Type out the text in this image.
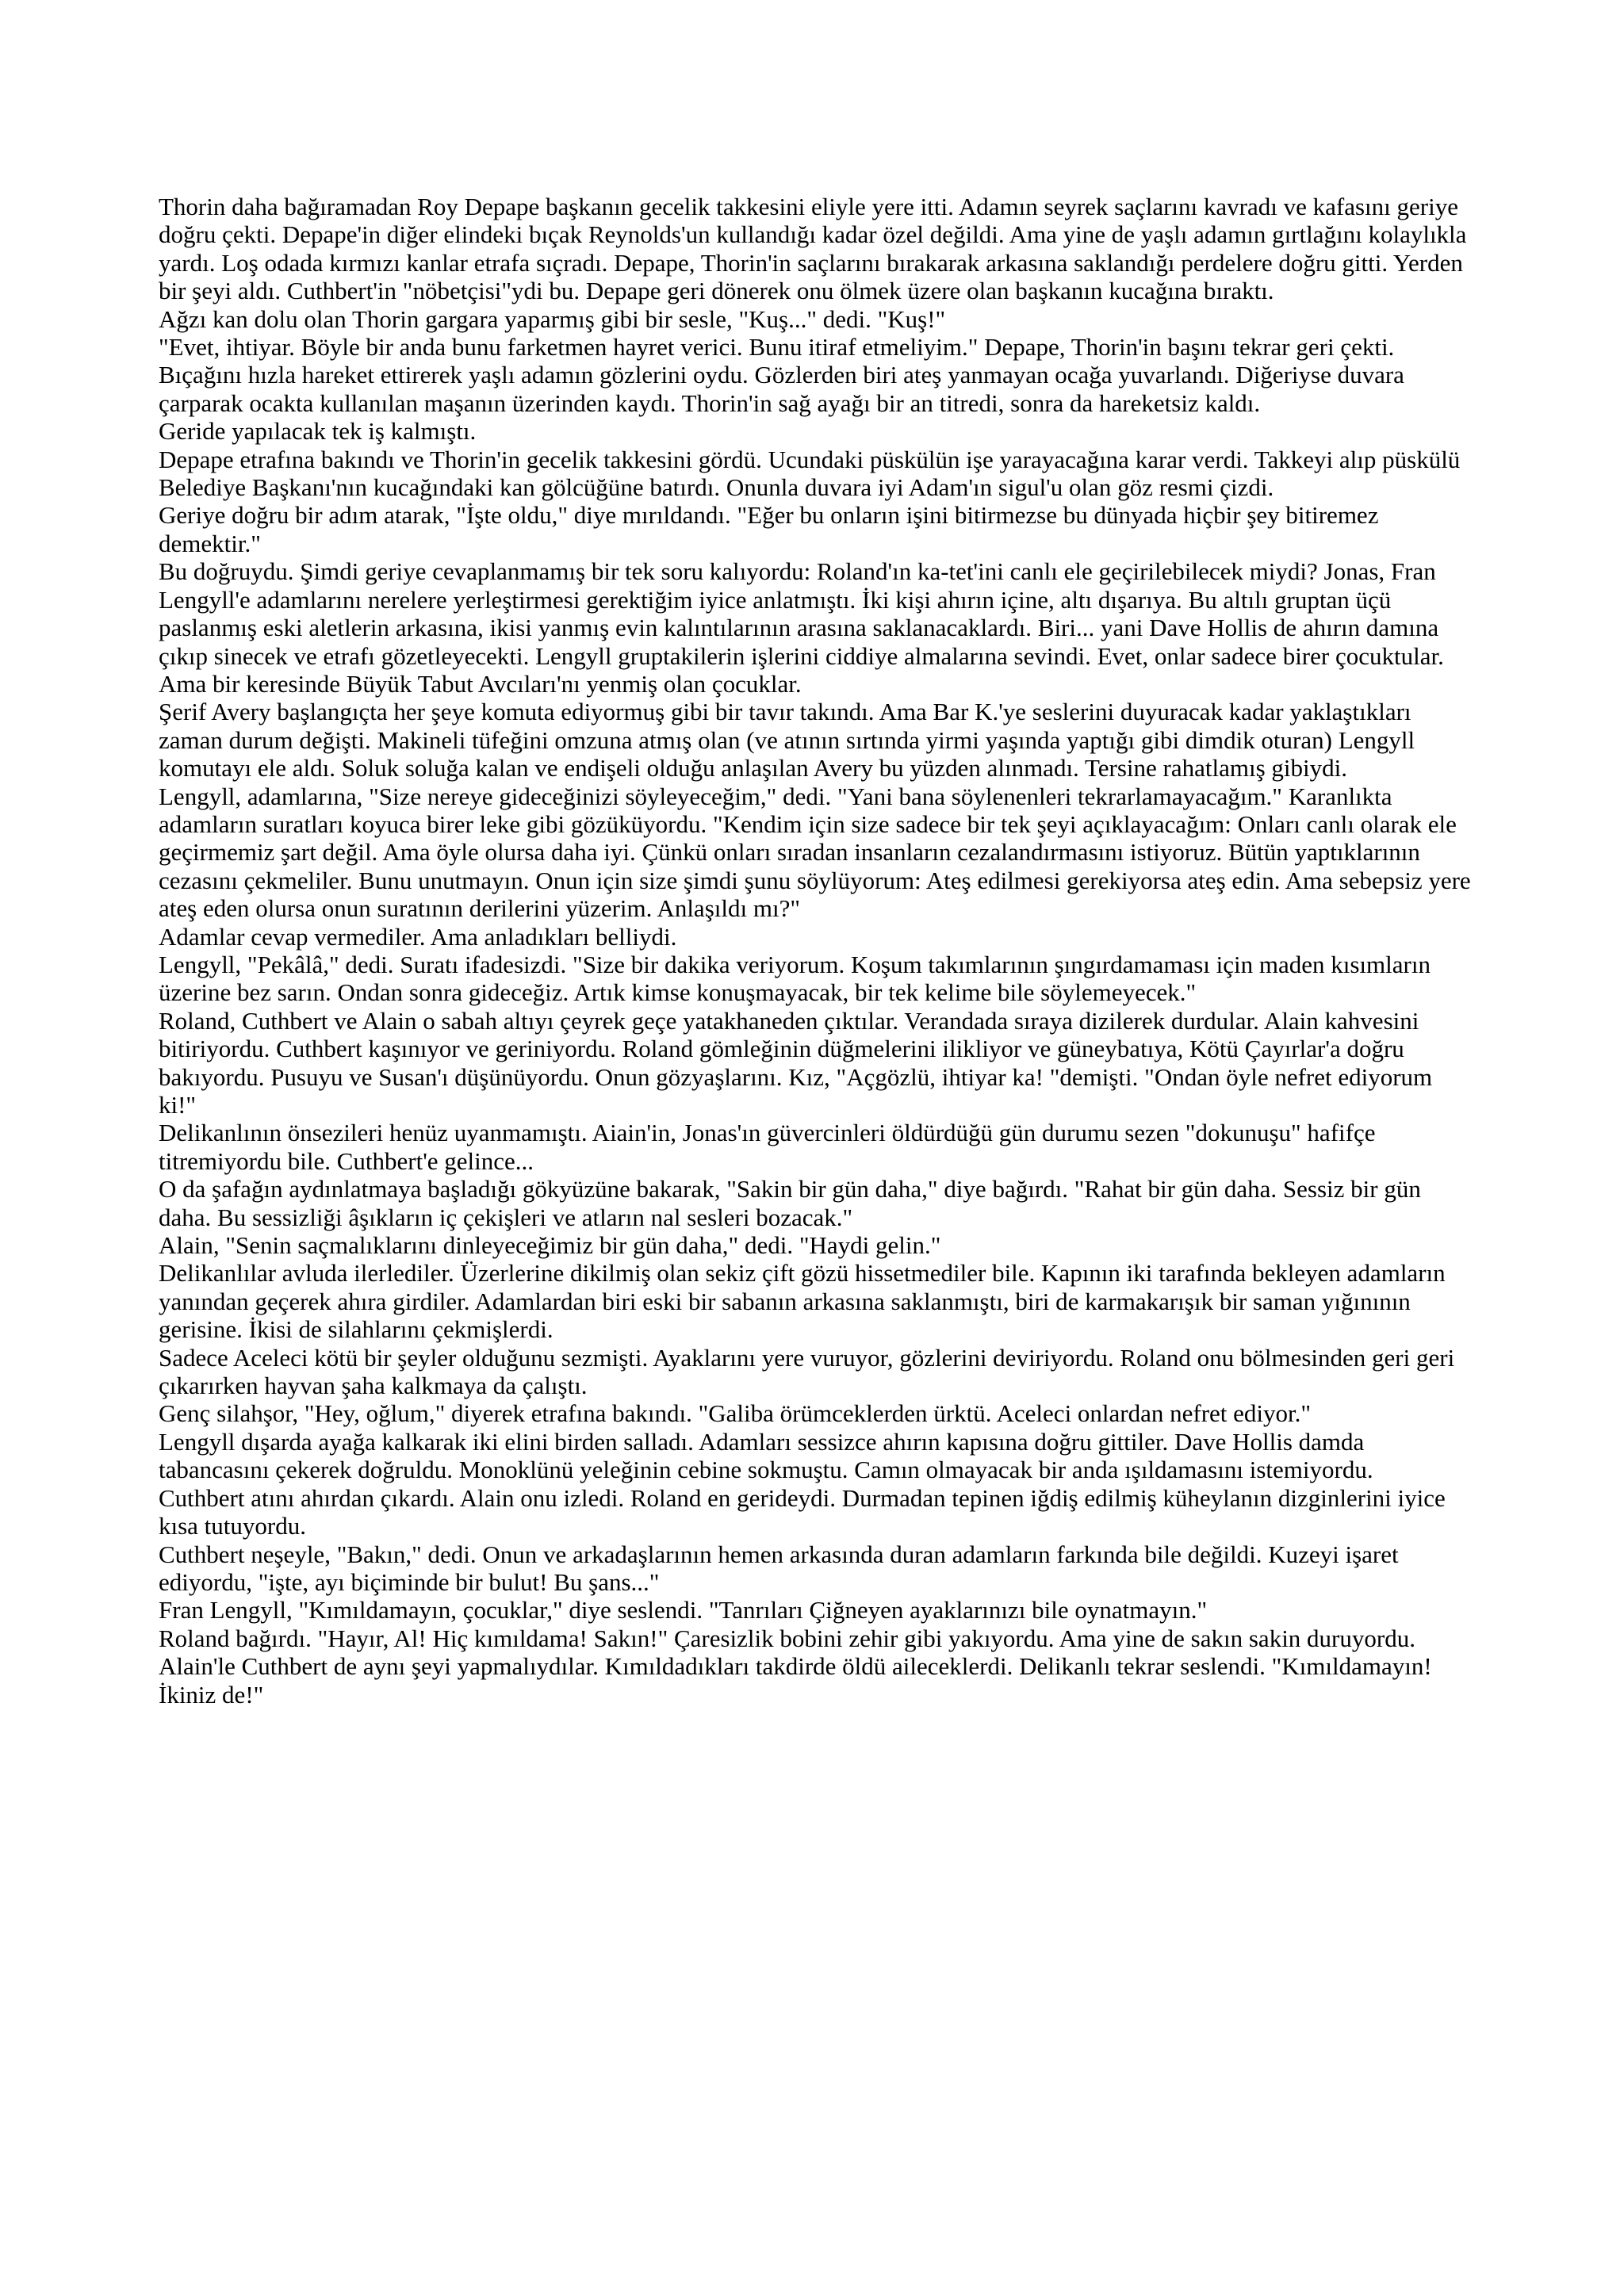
Thorin daha bağıramadan Roy Depape başkanın gecelik takkesini eliyle yere itti. Adamın seyrek saçlarını kavradı ve kafasını geriye doğru çekti. Depape'in diğer elindeki bıçak Reynolds'un kullandığı kadar özel değildi. Ama yine de yaşlı adamın gırtlağını kolaylıkla yardı. Loş odada kırmızı kanlar etrafa sıçradı. Depape, Thorin'in saçlarını bırakarak arkasına saklandığı perdelere doğru gitti. Yerden bir şeyi aldı. Cuthbert'in "nöbetçisi"ydi bu. Depape geri dönerek onu ölmek üzere olan başkanın kucağına bıraktı.

Ağzı kan dolu olan Thorin gargara yaparmış gibi bir sesle, "Kuş..." dedi. "Kuş!"

"Evet, ihtiyar. Böyle bir anda bunu farketmen hayret verici. Bunu itiraf etmeliyim." Depape, Thorin'in başını tekrar geri çekti. Bıçağını hızla hareket ettirerek yaşlı adamın gözlerini oydu. Gözlerden biri ateş yanmayan ocağa yuvarlandı. Diğeriyse duvara çarparak ocakta kullanılan maşanın üzerinden kaydı. Thorin'in sağ ayağı bir an titredi, sonra da hareketsiz kaldı.

Geride yapılacak tek iş kalmıştı.

Depape etrafına bakındı ve Thorin'in gecelik takkesini gördü. Ucundaki püskülün işe yarayacağına karar verdi. Takkeyi alıp püskülü Belediye Başkanı'nın kucağındaki kan gölcüğüne batırdı. Onunla duvara iyi Adam'ın sigul'u olan göz resmi çizdi.

Geriye doğru bir adım atarak, "İşte oldu," diye mırıldandı. "Eğer bu onların işini bitirmezse bu dünyada hiçbir şey bitiremez demektir."

Bu doğruydu. Şimdi geriye cevaplanmamış bir tek soru kalıyordu: Roland'ın ka-tet'ini canlı ele geçirilebilecek miydi? Jonas, Fran Lengyll'e adamlarını nerelere yerleştirmesi gerektiğim iyice anlatmıştı. İki kişi ahırın içine, altı dışarıya. Bu altılı gruptan üçü paslanmış eski aletlerin arkasına, ikisi yanmış evin kalıntılarının arasına saklanacaklardı. Biri... yani Dave Hollis de ahırın damına çıkıp sinecek ve etrafı gözetleyecekti. Lengyll gruptakilerin işlerini ciddiye almalarına sevindi. Evet, onlar sadece birer çocuktular. Ama bir keresinde Büyük Tabut Avcıları'nı yenmiş olan çocuklar.

Şerif Avery başlangıçta her şeye komuta ediyormuş gibi bir tavır takındı. Ama Bar K.'ye seslerini duyuracak kadar yaklaştıkları zaman durum değişti. Makineli tüfeğini omzuna atmış olan (ve atının sırtında yirmi yaşında yaptığı gibi dimdik oturan) Lengyll komutayı ele aldı. Soluk soluğa kalan ve endişeli olduğu anlaşılan Avery bu yüzden alınmadı. Tersine rahatlamış gibiydi.

Lengyll, adamlarına, "Size nereye gideceğinizi söyleyeceğim," dedi. "Yani bana söylenenleri tekrarlamayacağım." Karanlıkta adamların suratları koyuca birer leke gibi gözüküyordu. "Kendim için size sadece bir tek şeyi açıklayacağım: Onları canlı olarak ele geçirmemiz şart değil. Ama öyle olursa daha iyi. Çünkü onları sıradan insanların cezalandırmasını istiyoruz. Bütün yaptıklarının cezasını çekmeliler. Bunu unutmayın. Onun için size şimdi şunu söylüyorum: Ateş edilmesi gerekiyorsa ateş edin. Ama sebepsiz yere ateş eden olursa onun suratının derilerini yüzerim. Anlaşıldı mı?"

Adamlar cevap vermediler. Ama anladıkları belliydi.

Lengyll, "Pekâlâ," dedi. Suratı ifadesizdi. "Size bir dakika veriyorum. Koşum takımlarının şıngırdamaması için maden kısımların üzerine bez sarın. Ondan sonra gideceğiz. Artık kimse konuşmayacak, bir tek kelime bile söylemeyecek."

Roland, Cuthbert ve Alain o sabah altıyı çeyrek geçe yatakhaneden çıktılar. Verandada sıraya dizilerek durdular. Alain kahvesini bitiriyordu. Cuthbert kaşınıyor ve geriniyordu. Roland gömleğinin düğmelerini ilikliyor ve güneybatıya, Kötü Çayırlar'a doğru bakıyordu. Pusuyu ve Susan'ı düşünüyordu. Onun gözyaşlarını. Kız, "Açgözlü, ihtiyar ka! "demişti. "Ondan öyle nefret ediyorum ki!"

Delikanlının önsezileri henüz uyanmamıştı. Aiain'in, Jonas'ın güvercinleri öldürdüğü gün durumu sezen "dokunuşu" hafifçe titremiyordu bile. Cuthbert'e gelince...

O da şafağın aydınlatmaya başladığı gökyüzüne bakarak, "Sakin bir gün daha," diye bağırdı. "Rahat bir gün daha. Sessiz bir gün daha. Bu sessizliği âşıkların iç çekişleri ve atların nal sesleri bozacak."

Alain, "Senin saçmalıklarını dinleyeceğimiz bir gün daha," dedi. "Haydi gelin."

Delikanlılar avluda ilerlediler. Üzerlerine dikilmiş olan sekiz çift gözü hissetmediler bile. Kapının iki tarafında bekleyen adamların yanından geçerek ahıra girdiler. Adamlardan biri eski bir sabanın arkasına saklanmıştı, biri de karmakarışık bir saman yığınının gerisine. İkisi de silahlarını çekmişlerdi.

Sadece Aceleci kötü bir şeyler olduğunu sezmişti. Ayaklarını yere vuruyor, gözlerini deviriyordu. Roland onu bölmesinden geri geri çıkarırken hayvan şaha kalkmaya da çalıştı.

Genç silahşor, "Hey, oğlum," diyerek etrafına bakındı. "Galiba örümceklerden ürktü. Aceleci onlardan nefret ediyor."

Lengyll dışarda ayağa kalkarak iki elini birden salladı. Adamları sessizce ahırın kapısına doğru gittiler. Dave Hollis damda tabancasını çekerek doğruldu. Monoklünü yeleğinin cebine sokmuştu. Camın olmayacak bir anda ışıldamasını istemiyordu.

Cuthbert atını ahırdan çıkardı. Alain onu izledi. Roland en gerideydi. Durmadan tepinen iğdiş edilmiş küheylanın dizginlerini iyice kısa tutuyordu.

Cuthbert neşeyle, "Bakın," dedi. Onun ve arkadaşlarının hemen arkasında duran adamların farkında bile değildi. Kuzeyi işaret ediyordu, "işte, ayı biçiminde bir bulut! Bu şans..."

Fran Lengyll, "Kımıldamayın, çocuklar," diye seslendi. "Tanrıları Çiğneyen ayaklarınızı bile oynatmayın."

Roland bağırdı. "Hayır, Al! Hiç kımıldama! Sakın!" Çaresizlik bobini zehir gibi yakıyordu. Ama yine de sakın sakin duruyordu. Alain'le Cuthbert de aynı şeyi yapmalıydılar. Kımıldadıkları takdirde öldü aileceklerdi. Delikanlı tekrar seslendi. "Kımıldamayın! İkiniz de!"
